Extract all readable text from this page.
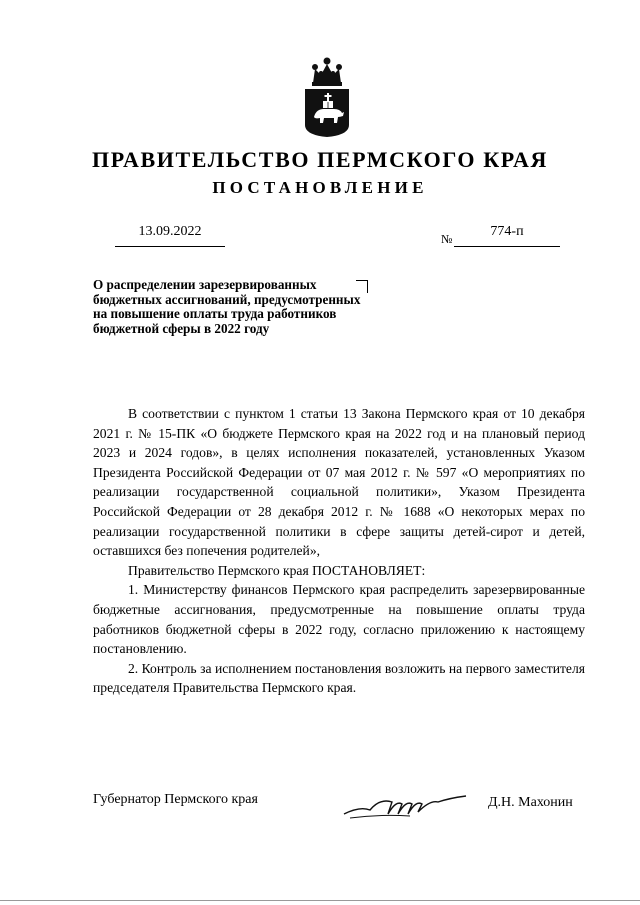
ПРАВИТЕЛЬСТВО ПЕРМСКОГО КРАЯ
ПОСТАНОВЛЕНИЕ
13.09.2022	№	774-п
О распределении зарезервированных бюджетных ассигнований, предусмотренных на повышение оплаты труда работников бюджетной сферы в 2022 году

В соответствии с пунктом 1 статьи 13 Закона Пермского края от 10 декабря 2021 г. № 15-ПК «О бюджете Пермского края на 2022 год и на плановый период 2023 и 2024 годов», в целях исполнения показателей, установленных Указом Президента Российской Федерации от 07 мая 2012 г. № 597 «О мероприятиях по реализации государственной социальной политики», Указом Президента Российской Федерации от 28 декабря 2012 г. № 1688 «О некоторых мерах по реализации государственной политики в сфере защиты детей-сирот и детей, оставшихся без попечения родителей»,

Правительство Пермского края ПОСТАНОВЛЯЕТ:

1. Министерству финансов Пермского края распределить зарезервированные бюджетные ассигнования, предусмотренные на повышение оплаты труда работников бюджетной сферы в 2022 году, согласно приложению к настоящему постановлению.

2. Контроль за исполнением постановления возложить на первого заместителя председателя Правительства Пермского края.

Губернатор Пермского края	Д.Н. Махонин
